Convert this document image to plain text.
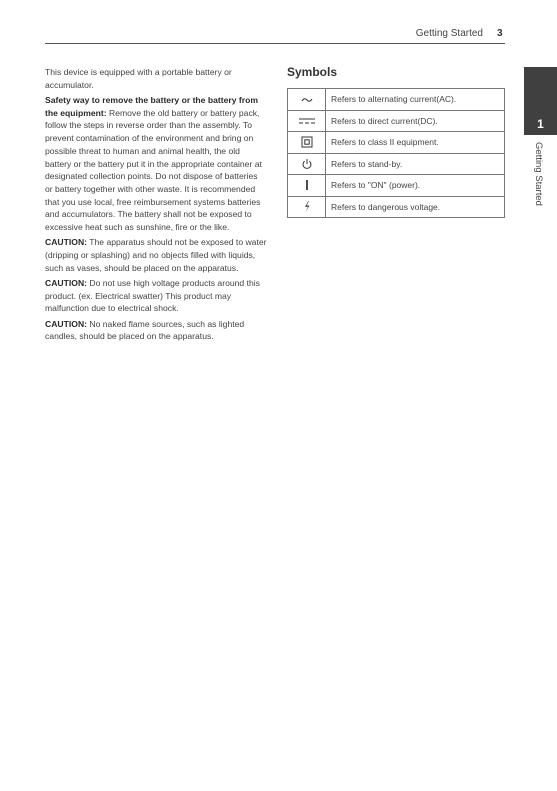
Getting Started 3
1
Getting Started

This device is equipped with a portable battery or accumulator.

Safety way to remove the battery or the battery from the equipment: Remove the old battery or battery pack, follow the steps in reverse order than the assembly. To prevent contamination of the environment and bring on possible threat to human and animal health, the old battery or the battery put it in the appropriate container at designated collection points. Do not dispose of batteries or battery together with other waste. It is recommended that you use local, free reimbursement systems batteries and accumulators. The battery shall not be exposed to excessive heat such as sunshine, fire or the like.

CAUTION: The apparatus should not be exposed to water (dripping or splashing) and no objects filled with liquids, such as vases, should be placed on the apparatus.

CAUTION: Do not use high voltage products around this product. (ex. Electrical swatter) This product may malfunction due to electrical shock.

CAUTION: No naked flame sources, such as lighted candles, should be placed on the apparatus.

Symbols
	Refers to alternating current(AC).
	Refers to direct current(DC).
	Refers to class II equipment.
	Refers to stand-by.
	Refers to "ON" (power).
	Refers to dangerous voltage.
